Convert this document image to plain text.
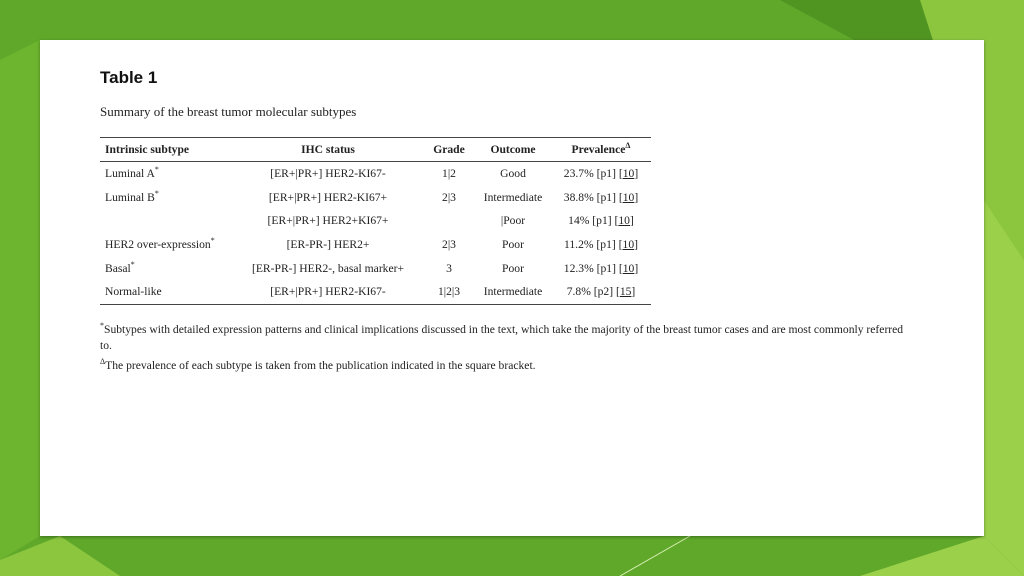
Table 1
Summary of the breast tumor molecular subtypes
Intrinsic subtype	IHC status	Grade	Outcome	Prevalence$^\Delta$
Luminal A*	[ER+|PR+] HER2-KI67-	1|2	Good	23.7% [p1] [10]
Luminal B*	[ER+|PR+] HER2-KI67+	2|3	Intermediate	38.8% [p1] [10]
	[ER+|PR+] HER2+KI67+		|Poor	14% [p1] [10]
HER2 over-expression*	[ER-PR-] HER2+	2|3	Poor	11.2% [p1] [10]
Basal*	[ER-PR-] HER2-, basal marker+	3	Poor	12.3% [p1] [10]
Normal-like	[ER+|PR+] HER2-KI67-	1|2|3	Intermediate	7.8% [p2] [15]

*Subtypes with detailed expression patterns and clinical implications discussed in the text, which take the majority of the breast tumor cases and are most commonly referred to.

$^\Delta$The prevalence of each subtype is taken from the publication indicated in the square bracket.
